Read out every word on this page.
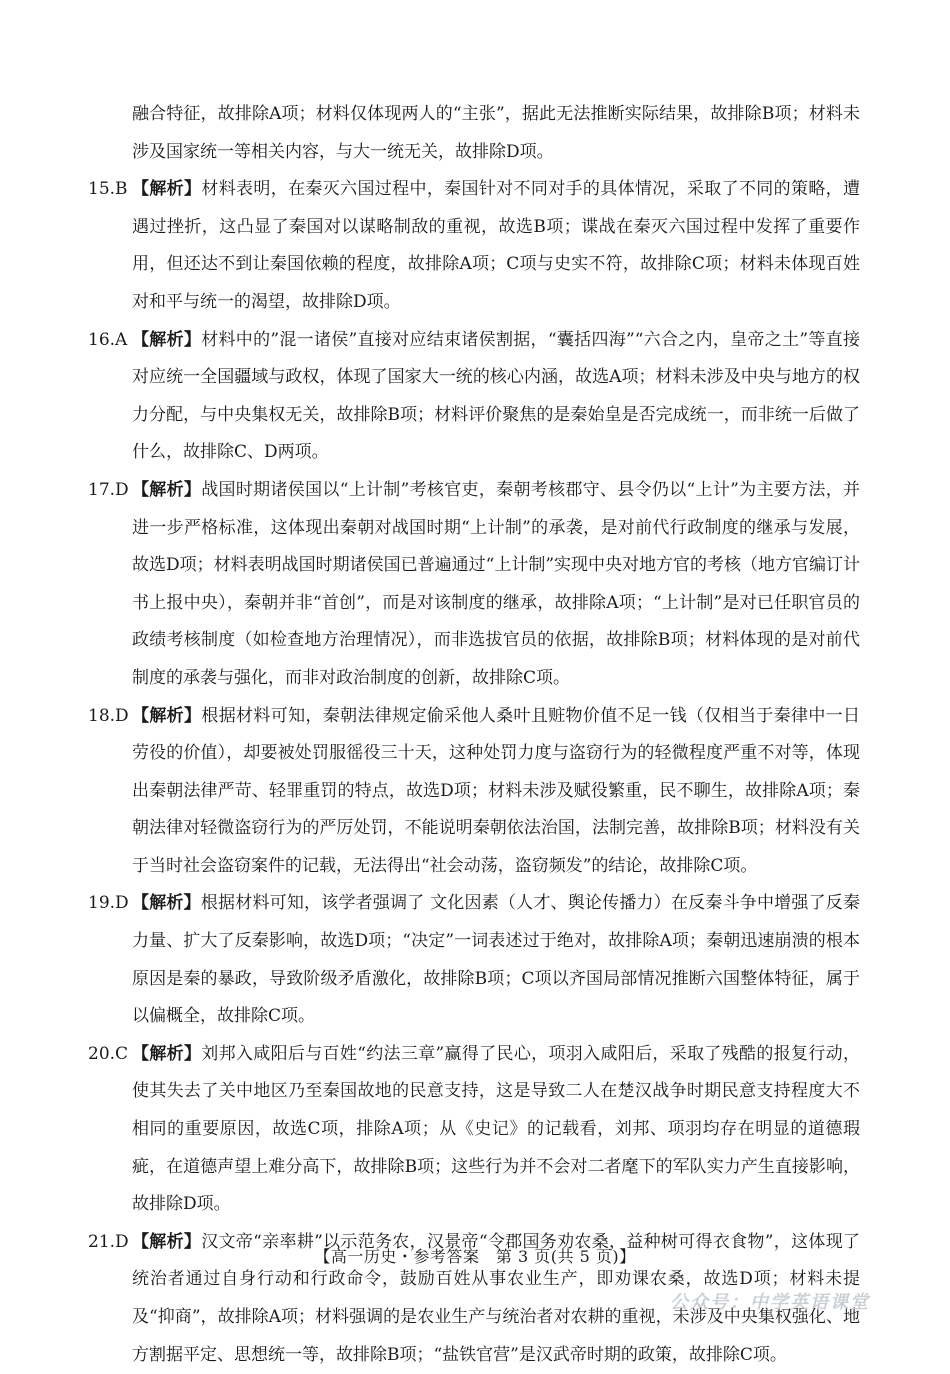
融合特征，故排除A项；材料仅体现两人的“主张”，据此无法推断实际结果，故排除B项；材料未涉及国家统一等相关内容，与大一统无关，故排除D项。

15.B 【解析】材料表明，在秦灭六国过程中，秦国针对不同对手的具体情况，采取了不同的策略，遭遇过挫折，这凸显了秦国对以谋略制敌的重视，故选B项；谍战在秦灭六国过程中发挥了重要作用，但还达不到让秦国依赖的程度，故排除A项；C项与史实不符，故排除C项；材料未体现百姓对和平与统一的渴望，故排除D项。

16.A 【解析】材料中的”混一诸侯”直接对应结束诸侯割据，“囊括四海”“六合之内，皇帝之土”等直接对应统一全国疆域与政权，体现了国家大一统的核心内涵，故选A项；材料未涉及中央与地方的权力分配，与中央集权无关，故排除B项；材料评价聚焦的是秦始皇是否完成统一，而非统一后做了什么，故排除C、D两项。

17.D 【解析】战国时期诸侯国以“上计制”考核官吏，秦朝考核郡守、县令仍以“上计”为主要方法，并进一步严格标准，这体现出秦朝对战国时期“上计制”的承袭，是对前代行政制度的继承与发展，故选D项；材料表明战国时期诸侯国已普遍通过“上计制”实现中央对地方官的考核（地方官编订计书上报中央），秦朝并非“首创”，而是对该制度的继承，故排除A项；“上计制”是对已任职官员的政绩考核制度（如检查地方治理情况），而非选拔官员的依据，故排除B项；材料体现的是对前代制度的承袭与强化，而非对政治制度的创新，故排除C项。

18.D 【解析】根据材料可知，秦朝法律规定偷采他人桑叶且赃物价值不足一钱（仅相当于秦律中一日劳役的价值），却要被处罚服徭役三十天，这种处罚力度与盗窃行为的轻微程度严重不对等，体现出秦朝法律严苛、轻罪重罚的特点，故选D项；材料未涉及赋役繁重，民不聊生，故排除A项；秦朝法律对轻微盗窃行为的严厉处罚，不能说明秦朝依法治国，法制完善，故排除B项；材料没有关于当时社会盗窃案件的记载，无法得出“社会动荡，盗窃频发”的结论，故排除C项。

19.D 【解析】根据材料可知，该学者强调了 文化因素（人才、舆论传播力）在反秦斗争中增强了反秦力量、扩大了反秦影响，故选D项；“决定”一词表述过于绝对，故排除A项；秦朝迅速崩溃的根本原因是秦的暴政，导致阶级矛盾激化，故排除B项；C项以齐国局部情况推断六国整体特征，属于以偏概全，故排除C项。

20.C 【解析】刘邦入咸阳后与百姓“约法三章”赢得了民心，项羽入咸阳后，采取了残酷的报复行动，使其失去了关中地区乃至秦国故地的民意支持，这是导致二人在楚汉战争时期民意支持程度大不相同的重要原因，故选C项，排除A项；从《史记》的记载看，刘邦、项羽均存在明显的道德瑕疵，在道德声望上难分高下，故排除B项；这些行为并不会对二者麾下的军队实力产生直接影响，故排除D项。

21.D 【解析】汉文帝“亲率耕”以示范务农，汉景帝“令郡国务劝农桑，益种树可得衣食物”，这体现了统治者通过自身行动和行政命令，鼓励百姓从事农业生产，即劝课农桑，故选D项；材料未提及“抑商”，故排除A项；材料强调的是农业生产与统治者对农耕的重视，未涉及中央集权强化、地方割据平定、思想统一等，故排除B项；“盐铁官营”是汉武帝时期的政策，故排除C项。

【高一历史・参考答案　第 3 页(共 5 页)】
公众号：中学英语课堂
